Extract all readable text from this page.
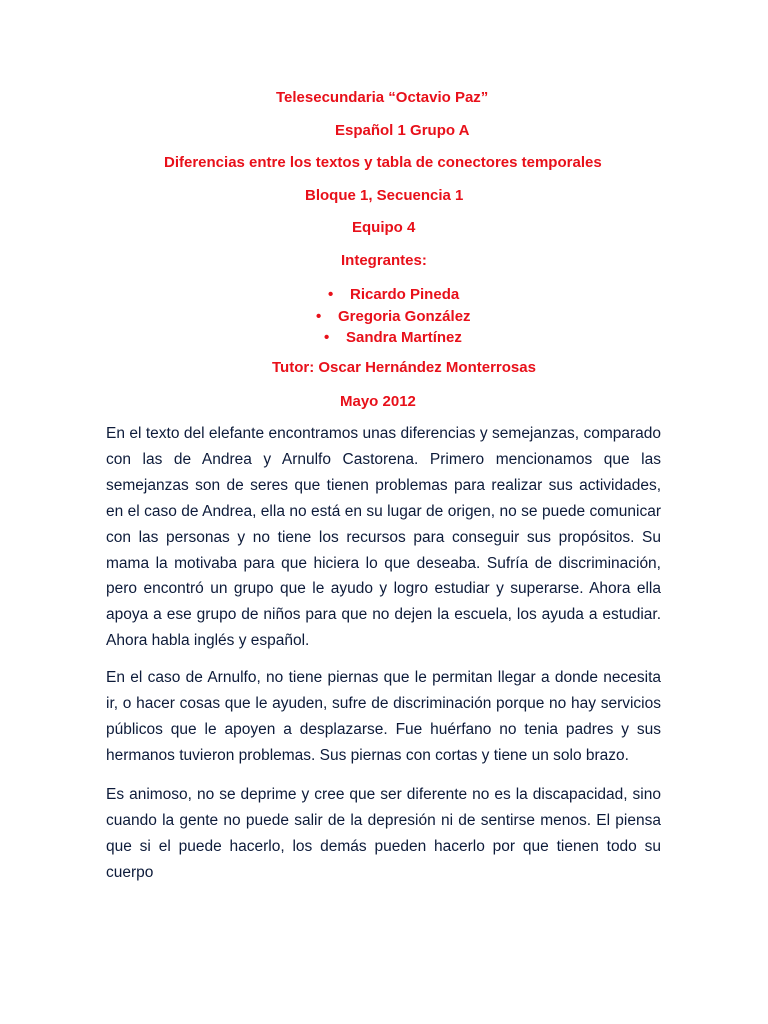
Telesecundaria “Octavio Paz”
Español 1 Grupo A
Diferencias entre los textos y tabla de conectores temporales
Bloque 1, Secuencia 1
Equipo 4
Integrantes:
• Ricardo Pineda
• Gregoria González
• Sandra Martínez
Tutor: Oscar Hernández Monterrosas
Mayo 2012

En el texto del elefante encontramos unas diferencias y semejanzas, comparado con las de Andrea y Arnulfo Castorena. Primero mencionamos que las semejanzas son de seres que tienen problemas para realizar sus actividades, en el caso de Andrea, ella no está en su lugar de origen, no se puede comunicar con las personas y no tiene los recursos para conseguir sus propósitos. Su mama la motivaba para que hiciera lo que deseaba. Sufría de discriminación, pero encontró un grupo que le ayudo y logro estudiar y superarse. Ahora ella apoya a ese grupo de niños para que no dejen la escuela, los ayuda a estudiar. Ahora habla inglés y español.

En el caso de Arnulfo, no tiene piernas que le permitan llegar a donde necesita ir, o hacer cosas que le ayuden, sufre de discriminación porque no hay servicios públicos que le apoyen a desplazarse. Fue huérfano no tenia padres y sus hermanos tuvieron problemas. Sus piernas con cortas y tiene un solo brazo.

Es animoso, no se deprime y cree que ser diferente no es la discapacidad, sino cuando la gente no puede salir de la depresión ni de sentirse menos. El piensa que si el puede hacerlo, los demás pueden hacerlo por que tienen todo su cuerpo
